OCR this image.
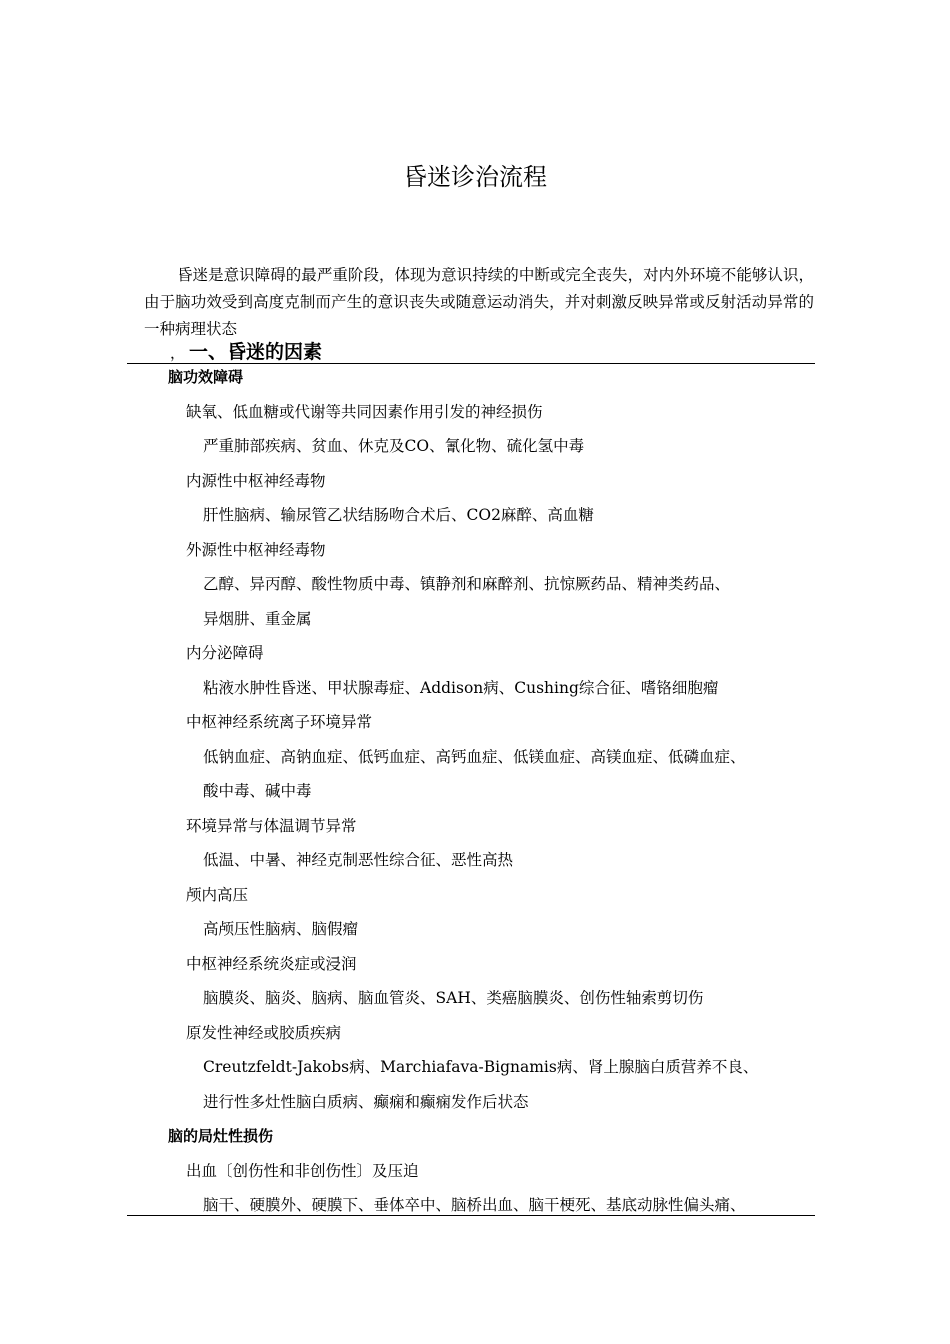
昏迷诊治流程

昏迷是意识障碍的最严重阶段，体现为意识持续的中断或完全丧失，对内外环境不能够认识，由于脑功效受到高度克制而产生的意识丧失或随意运动消失，并对刺激反映异常或反射活动异常的一种病理状态

， 一、昏迷的因素
脑功效障碍
缺氧、低血糖或代谢等共同因素作用引发的神经损伤
严重肺部疾病、贫血、休克及CO、氰化物、硫化氢中毒
内源性中枢神经毒物
肝性脑病、输尿管乙状结肠吻合术后、CO2麻醉、高血糖
外源性中枢神经毒物
乙醇、异丙醇、酸性物质中毒、镇静剂和麻醉剂、抗惊厥药品、精神类药品、
异烟肼、重金属
内分泌障碍
粘液水肿性昏迷、甲状腺毒症、Addison病、Cushing综合征、嗜铬细胞瘤
中枢神经系统离子环境异常
低钠血症、高钠血症、低钙血症、高钙血症、低镁血症、高镁血症、低磷血症、
酸中毒、碱中毒
环境异常与体温调节异常
低温、中暑、神经克制恶性综合征、恶性高热
颅内高压
高颅压性脑病、脑假瘤
中枢神经系统炎症或浸润
脑膜炎、脑炎、脑病、脑血管炎、SAH、类癌脑膜炎、创伤性轴索剪切伤
原发性神经或胶质疾病
Creutzfeldt-Jakobs病、Marchiafava-Bignamis病、肾上腺脑白质营养不良、
进行性多灶性脑白质病、癫痫和癫痫发作后状态
脑的局灶性损伤
出血〔创伤性和非创伤性〕及压迫
脑干、硬膜外、硬膜下、垂体卒中、脑桥出血、脑干梗死、基底动脉性偏头痛、
